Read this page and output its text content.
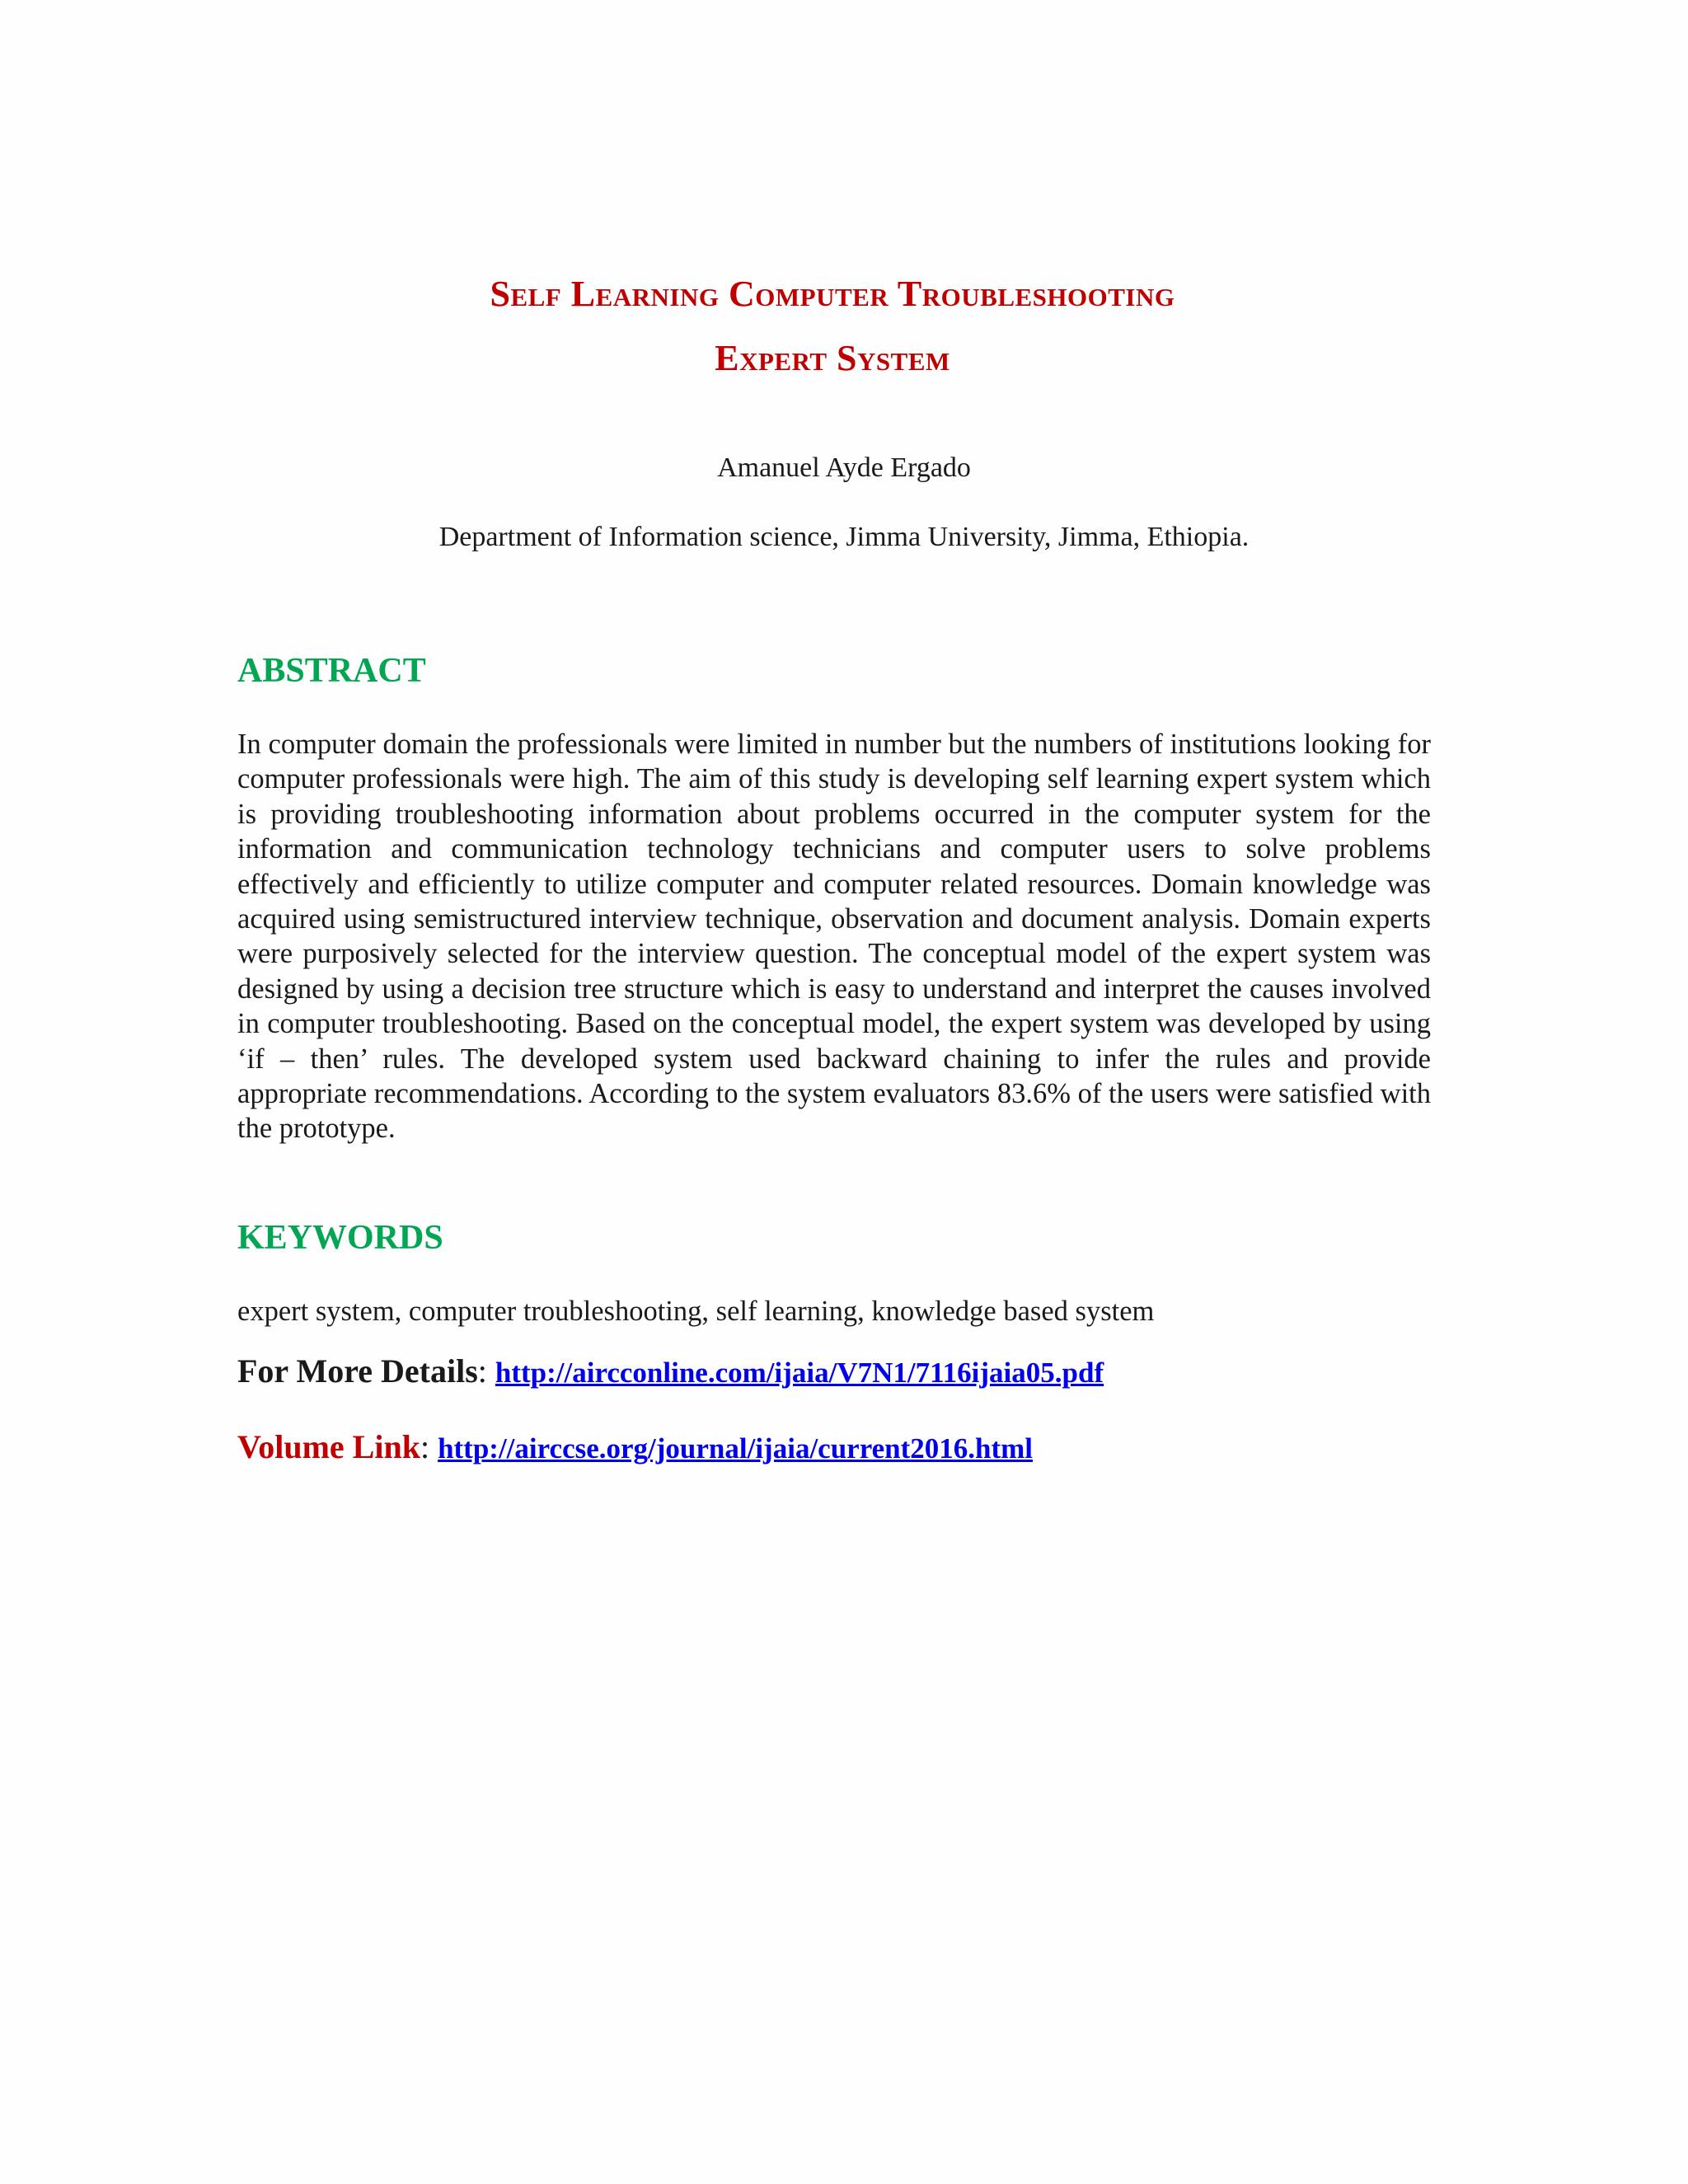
Self Learning Computer Troubleshooting
Expert System
Amanuel Ayde Ergado
Department of Information science, Jimma University, Jimma, Ethiopia.
ABSTRACT

In computer domain the professionals were limited in number but the numbers of institutions looking for computer professionals were high. The aim of this study is developing self learning expert system which is providing troubleshooting information about problems occurred in the computer system for the information and communication technology technicians and computer users to solve problems effectively and efficiently to utilize computer and computer related resources. Domain knowledge was acquired using semistructured interview technique, observation and document analysis. Domain experts were purposively selected for the interview question. The conceptual model of the expert system was designed by using a decision tree structure which is easy to understand and interpret the causes involved in computer troubleshooting. Based on the conceptual model, the expert system was developed by using ‘if – then’ rules. The developed system used backward chaining to infer the rules and provide appropriate recommendations. According to the system evaluators 83.6% of the users were satisfied with the prototype.

KEYWORDS

expert system, computer troubleshooting, self learning, knowledge based system

For More Details: http://aircconline.com/ijaia/V7N1/7116ijaia05.pdf

Volume Link: http://airccse.org/journal/ijaia/current2016.html
